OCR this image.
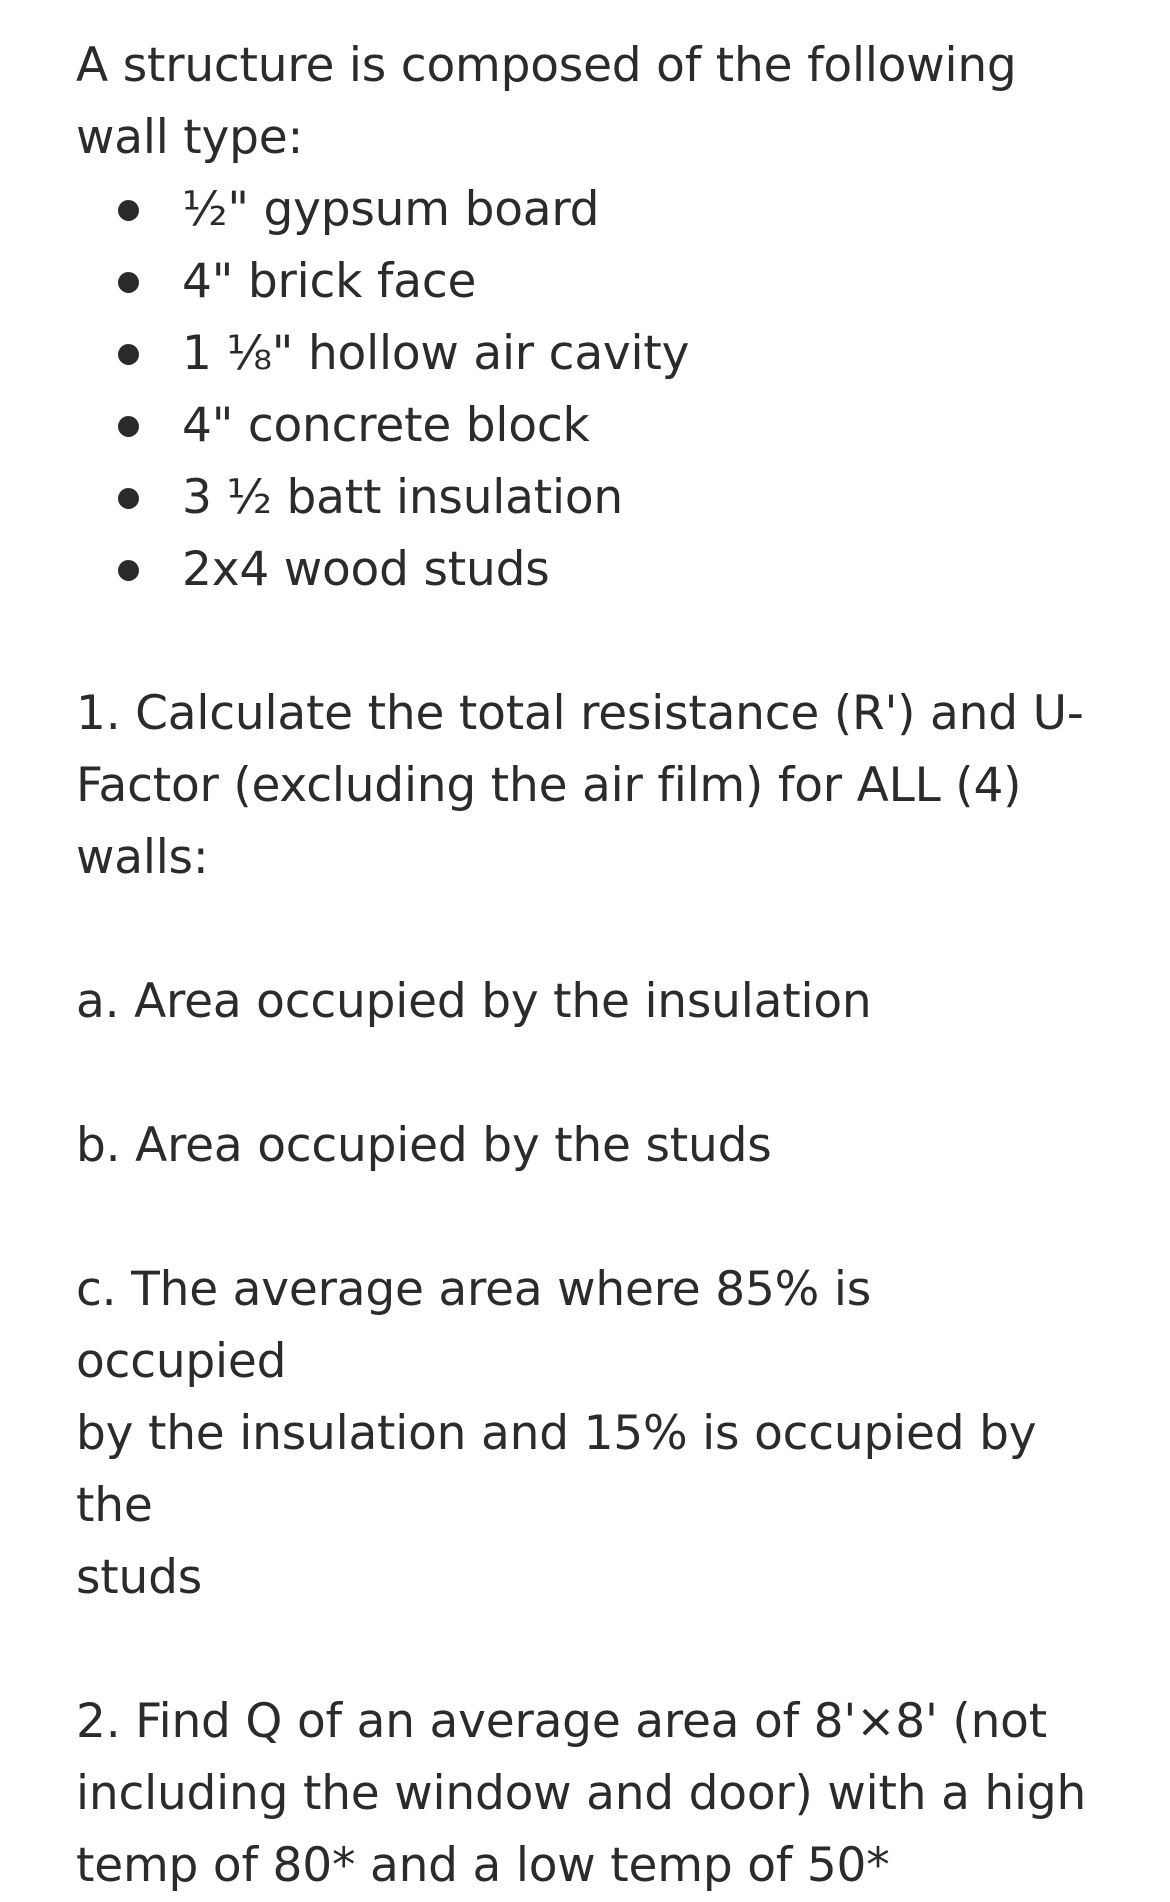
A structure is composed of the following

wall type:

½" gypsum board
4" brick face
1 ⅛" hollow air cavity
4" concrete block
3 ½ batt insulation
2x4 wood studs

1. Calculate the total resistance (R') and U-

Factor (excluding the air film) for ALL (4)

walls:

a. Area occupied by the insulation

b. Area occupied by the studs

c. The average area where 85% is occupied

by the insulation and 15% is occupied by the

studs

2. Find Q of an average area of 8'×8' (not

including the window and door) with a high

temp of 80* and a low temp of 50*
